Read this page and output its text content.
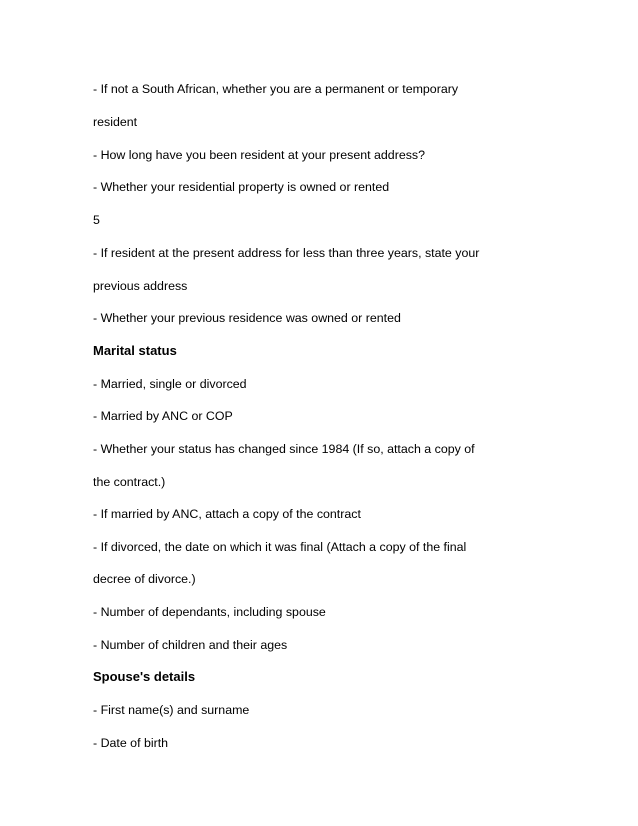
- If not a South African, whether you are a permanent or temporary

resident

- How long have you been resident at your present address?

- Whether your residential property is owned or rented

5

- If resident at the present address for less than three years, state your

previous address

- Whether your previous residence was owned or rented

Marital status

- Married, single or divorced

- Married by ANC or COP

- Whether your status has changed since 1984 (If so, attach a copy of

the contract.)

- If married by ANC, attach a copy of the contract

- If divorced, the date on which it was final (Attach a copy of the final

decree of divorce.)

- Number of dependants, including spouse

- Number of children and their ages

Spouse's details

- First name(s) and surname

- Date of birth
